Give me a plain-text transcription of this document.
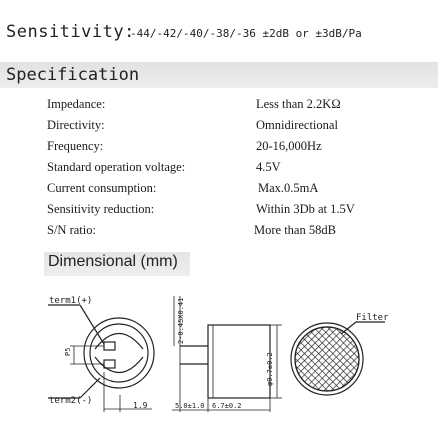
Sensitivity:
-44/-42/-40/-38/-36 ±2dB or ±3dB/Pa
Specification
Impedance:	Less than 2.2KΩ
Directivity:	Omnidirectional
Frequency:	20-16,000Hz
Standard operation voltage:	4.5V
Current consumption:	Max.0.5mA
Sensitivity reduction:	Within 3Db at 1.5V
S/N ratio:	More than 58dB
Dimensional (mm)
term1(+)
term2(-)
P5
1.9
2-0.45X0.41
5.0±1.0 6.7±0.2
φ9.7±0.2
Filter
